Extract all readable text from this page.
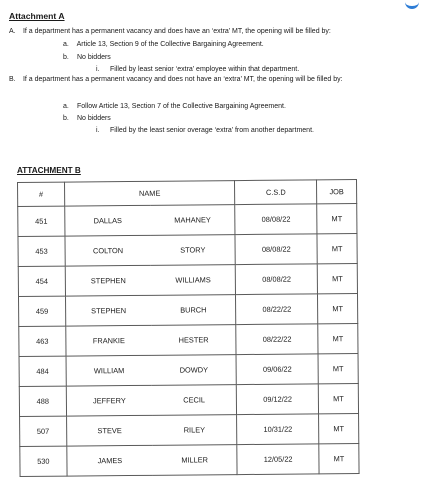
Attachment A

A. If a department has a permanent vacancy and does have an ‘extra’ MT, the opening will be filled by:

a. Article 13, Section 9 of the Collective Bargaining Agreement.

b. No bidders

i. Filled by least senior ‘extra’ employee within that department.

B. If a department has a permanent vacancy and does not have an ‘extra’ MT, the opening will be filled by:

a. Follow Article 13, Section 7 of the Collective Bargaining Agreement.

b. No bidders

i. Filled by the least senior overage ‘extra’ from another department.

ATTACHMENT B
#	NAME		C.S.D	JOB
451	DALLAS	MAHANEY	08/08/22	MT
453	COLTON	STORY	08/08/22	MT
454	STEPHEN	WILLIAMS	08/08/22	MT
459	STEPHEN	BURCH	08/22/22	MT
463	FRANKIE	HESTER	08/22/22	MT
484	WILLIAM	DOWDY	09/06/22	MT
488	JEFFERY	CECIL	09/12/22	MT
507	STEVE	RILEY	10/31/22	MT
530	JAMES	MILLER	12/05/22	MT
